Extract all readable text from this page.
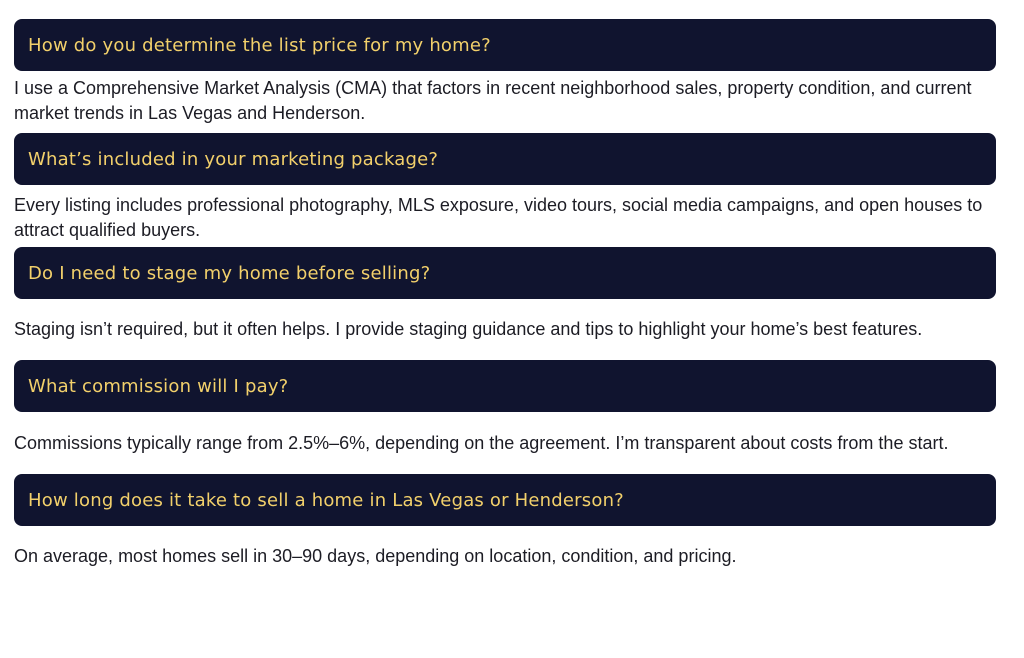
How do you determine the list price for my home?

I use a Comprehensive Market Analysis (CMA) that factors in recent neighborhood sales, property condition, and current market trends in Las Vegas and Henderson.

What’s included in your marketing package?

Every listing includes professional photography, MLS exposure, video tours, social media campaigns, and open houses to attract qualified buyers.

Do I need to stage my home before selling?

Staging isn’t required, but it often helps. I provide staging guidance and tips to highlight your home’s best features.

What commission will I pay?

Commissions typically range from 2.5%–6%, depending on the agreement. I’m transparent about costs from the start.

How long does it take to sell a home in Las Vegas or Henderson?

On average, most homes sell in 30–90 days, depending on location, condition, and pricing.
